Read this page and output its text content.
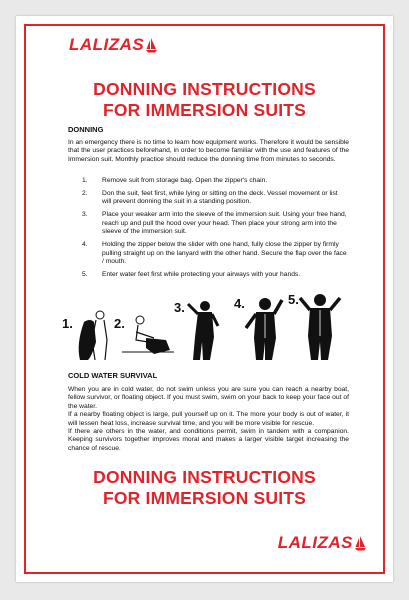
LALIZAS
DONNING INSTRUCTIONS
FOR IMMERSION SUITS
DONNING
In an emergency there is no time to learn how equipment works. Therefore it would be sensible that the user practices beforehand, in order to become familiar with the use and features of the Immersion suit. Monthly practice should reduce the donning time from minutes to seconds.
1. Remove suit from storage bag. Open the zipper's chain.
2. Don the suit, feet first, while lying or sitting on the deck. Vessel movement or list will prevent donning the suit in a standing position.
3. Place your weaker arm into the sleeve of the immersion suit. Using your free hand, reach up and pull the hood over your head. Then place your strong arm into the sleeve of the immersion suit.
4. Holding the zipper below the slider with one hand, fully close the zipper by firmly pulling straight up on the lanyard with the other hand. Secure the flap over the face / mouth.
5. Enter water feet first while protecting your airways with your hands.
1.	2.
3.	4.	5.
COLD WATER SURVIVAL

When you are in cold water, do not swim unless you are sure you can reach a nearby boat, fellow survivor, or floating object. If you must swim, swim on your back to keep your face out of the water.

If a nearby floating object is large, pull yourself up on it. The more your body is out of water, it will lessen heat loss, increase survival time, and you will be more visible for rescue.

If there are others in the water, and conditions permit, swim in tandem with a companion. Keeping survivors together improves moral and makes a larger visible target increasing the chance of rescue.

DONNING INSTRUCTIONS
FOR IMMERSION SUITS
LALIZAS
